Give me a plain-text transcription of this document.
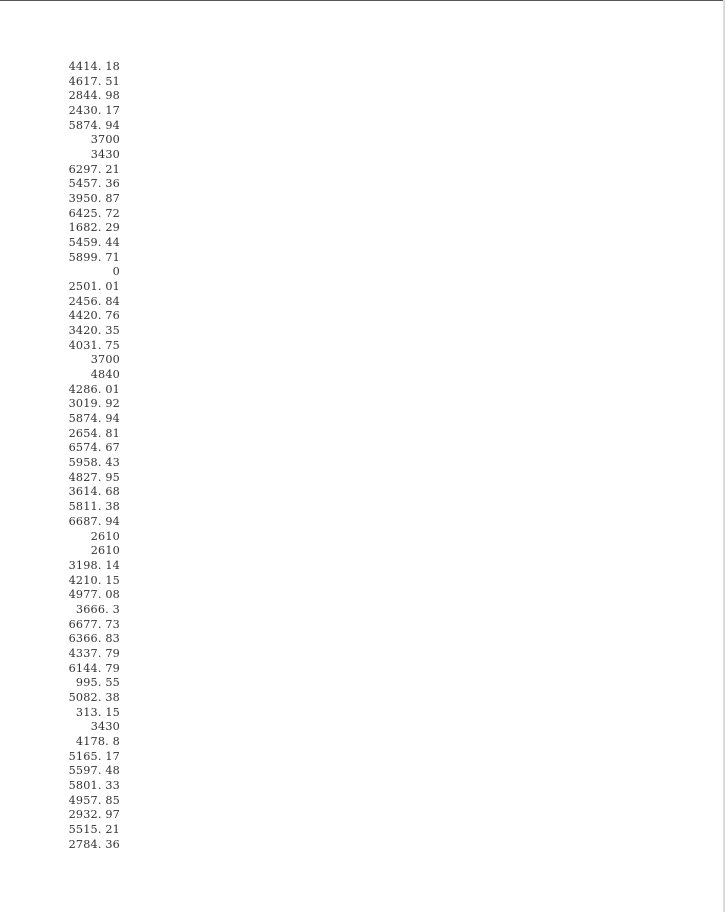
4414. 18
4617. 51
2844. 98
2430. 17
5874. 94
3700
3430
6297. 21
5457. 36
3950. 87
6425. 72
1682. 29
5459. 44
5899. 71
0
2501. 01
2456. 84
4420. 76
3420. 35
4031. 75
3700
4840
4286. 01
3019. 92
5874. 94
2654. 81
6574. 67
5958. 43
4827. 95
3614. 68
5811. 38
6687. 94
2610
2610
3198. 14
4210. 15
4977. 08
3666. 3
6677. 73
6366. 83
4337. 79
6144. 79
995. 55
5082. 38
313. 15
3430
4178. 8
5165. 17
5597. 48
5801. 33
4957. 85
2932. 97
5515. 21
2784. 36
